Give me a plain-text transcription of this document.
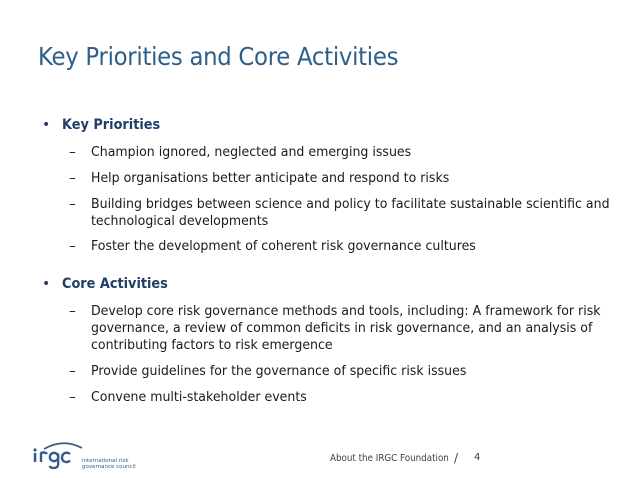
Key Priorities and Core Activities
• Key Priorities
– Champion ignored, neglected and emerging issues
– Help organisations better anticipate and respond to risks
– Building bridges between science and policy to facilitate sustainable scientific and technological developments
– Foster the development of coherent risk governance cultures
• Core Activities
– Develop core risk governance methods and tools, including: A framework for risk governance, a review of common deficits in risk governance, and an analysis of contributing factors to risk emergence
– Provide guidelines for the governance of specific risk issues
– Convene multi-stakeholder events
international risk
governance council
About the IRGC Foundation / 4
